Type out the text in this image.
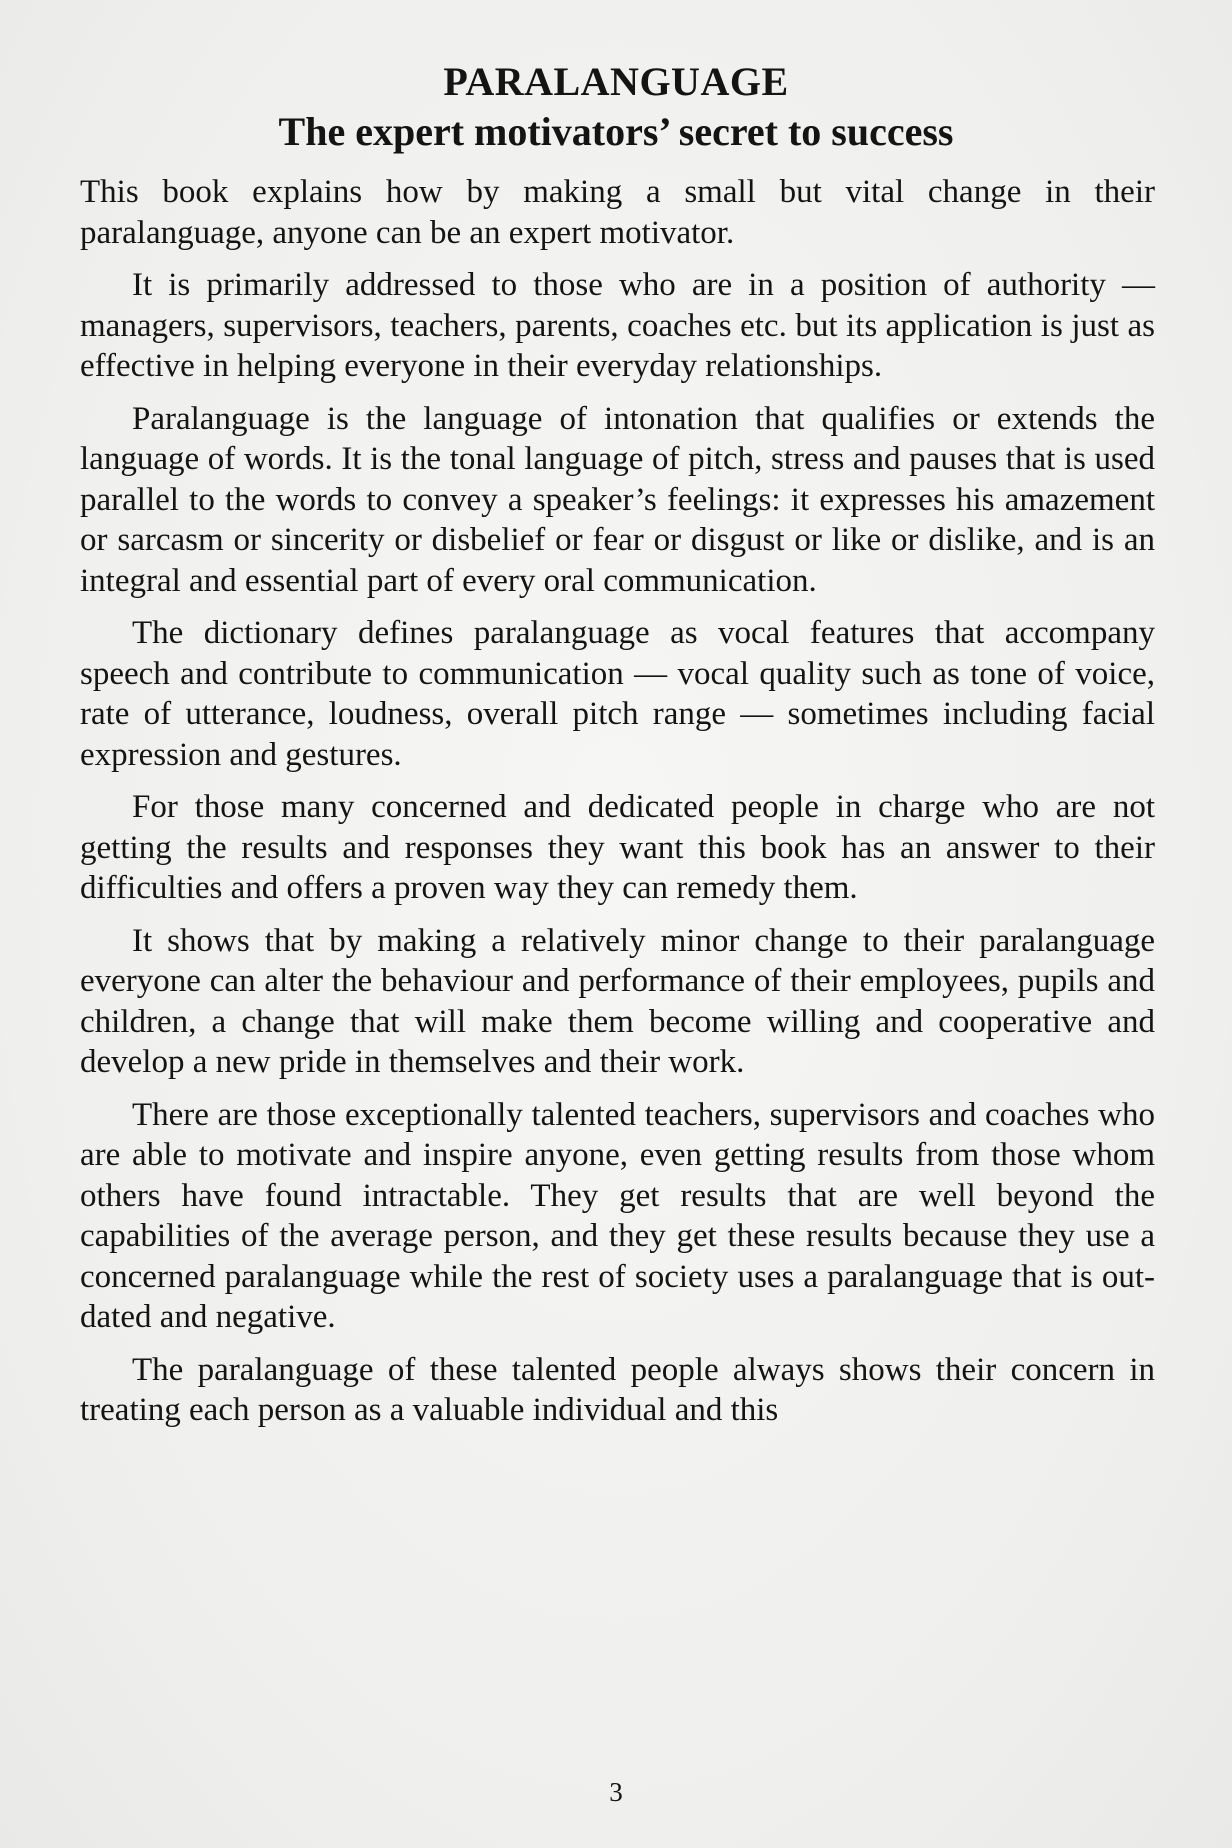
PARALANGUAGE
The expert motivators’ secret to success

This book explains how by making a small but vital change in their paralanguage, anyone can be an expert motivator.

It is primarily addressed to those who are in a position of authority — managers, supervisors, teachers, parents, coaches etc. but its application is just as effective in helping everyone in their everyday relationships.

Paralanguage is the language of intonation that qualifies or extends the language of words. It is the tonal language of pitch, stress and pauses that is used parallel to the words to convey a speaker’s feelings: it expresses his amazement or sarcasm or sincerity or disbelief or fear or disgust or like or dislike, and is an integral and essential part of every oral communication.

The dictionary defines paralanguage as vocal features that accompany speech and contribute to communication — vocal quality such as tone of voice, rate of utterance, loudness, overall pitch range — sometimes including facial expression and gestures.

For those many concerned and dedicated people in charge who are not getting the results and responses they want this book has an answer to their difficulties and offers a proven way they can remedy them.

It shows that by making a relatively minor change to their paralanguage everyone can alter the behaviour and performance of their employees, pupils and children, a change that will make them become willing and cooperative and develop a new pride in themselves and their work.

There are those exceptionally talented teachers, supervisors and coaches who are able to motivate and inspire anyone, even getting results from those whom others have found intractable. They get results that are well beyond the capabilities of the average person, and they get these results because they use a concerned paralanguage while the rest of society uses a paralanguage that is out-dated and negative.

The paralanguage of these talented people always shows their concern in treating each person as a valuable individual and this

3
